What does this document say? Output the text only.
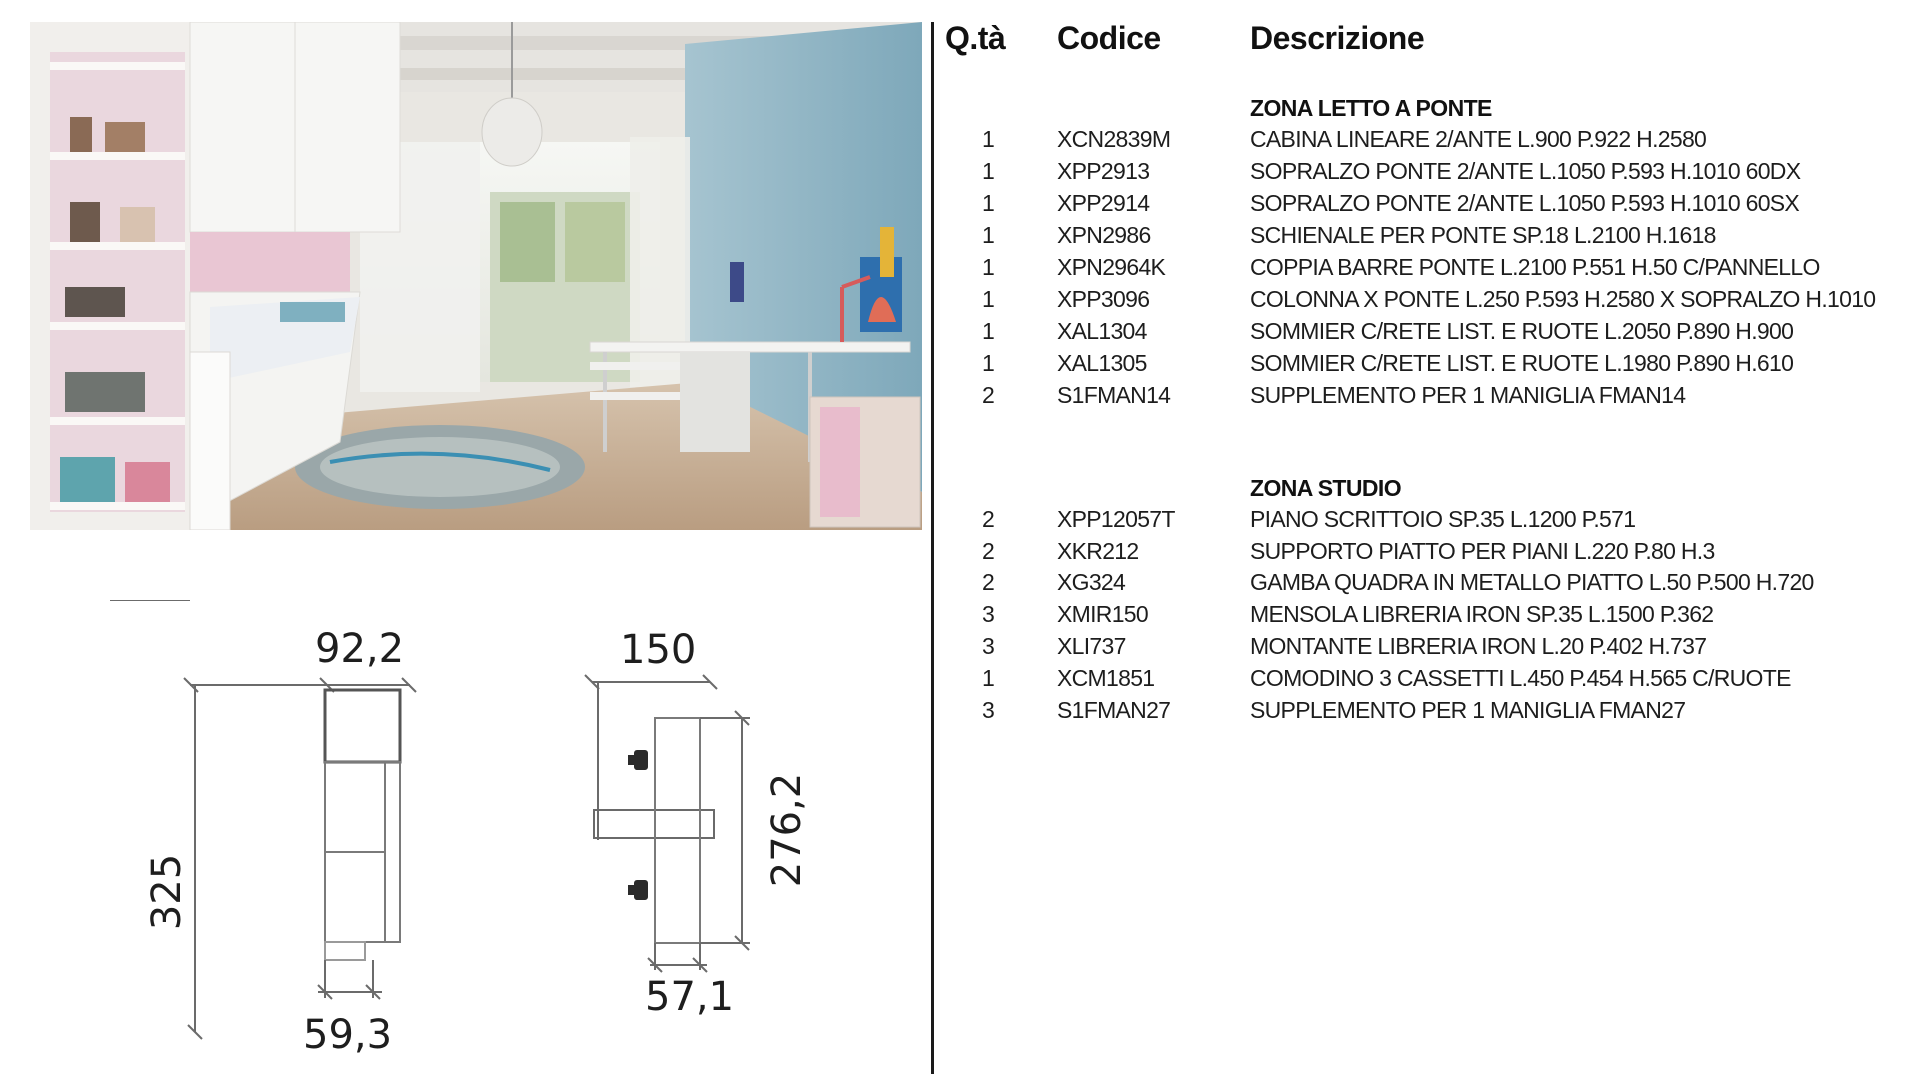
92,2
325
59,3
150
276,2
57,1
Q.tà Codice	Descrizione
ZONA LETTO A PONTE
1	XCN2839M	CABINA LINEARE 2/ANTE L.900 P.922 H.2580
1	XPP2913	SOPRALZO PONTE 2/ANTE L.1050 P.593 H.1010 60DX
1	XPP2914	SOPRALZO PONTE 2/ANTE L.1050 P.593 H.1010 60SX
1	XPN2986	SCHIENALE PER PONTE SP.18 L.2100 H.1618
1	XPN2964K	COPPIA BARRE PONTE L.2100 P.551 H.50 C/PANNELLO
1	XPP3096	COLONNA X PONTE L.250 P.593 H.2580 X SOPRALZO H.1010
1	XAL1304	SOMMIER C/RETE LIST. E RUOTE L.2050 P.890 H.900
1	XAL1305	SOMMIER C/RETE LIST. E RUOTE L.1980 P.890 H.610
2	S1FMAN14	SUPPLEMENTO PER 1 MANIGLIA FMAN14
ZONA STUDIO
2	XPP12057T	PIANO SCRITTOIO SP.35 L.1200 P.571
2	XKR212	SUPPORTO PIATTO PER PIANI L.220 P.80 H.3
2	XG324	GAMBA QUADRA IN METALLO PIATTO L.50 P.500 H.720
3	XMIR150	MENSOLA LIBRERIA IRON SP.35 L.1500 P.362
3	XLI737	MONTANTE LIBRERIA IRON L.20 P.402 H.737
1	XCM1851	COMODINO 3 CASSETTI L.450 P.454 H.565 C/RUOTE
3	S1FMAN27	SUPPLEMENTO PER 1 MANIGLIA FMAN27
